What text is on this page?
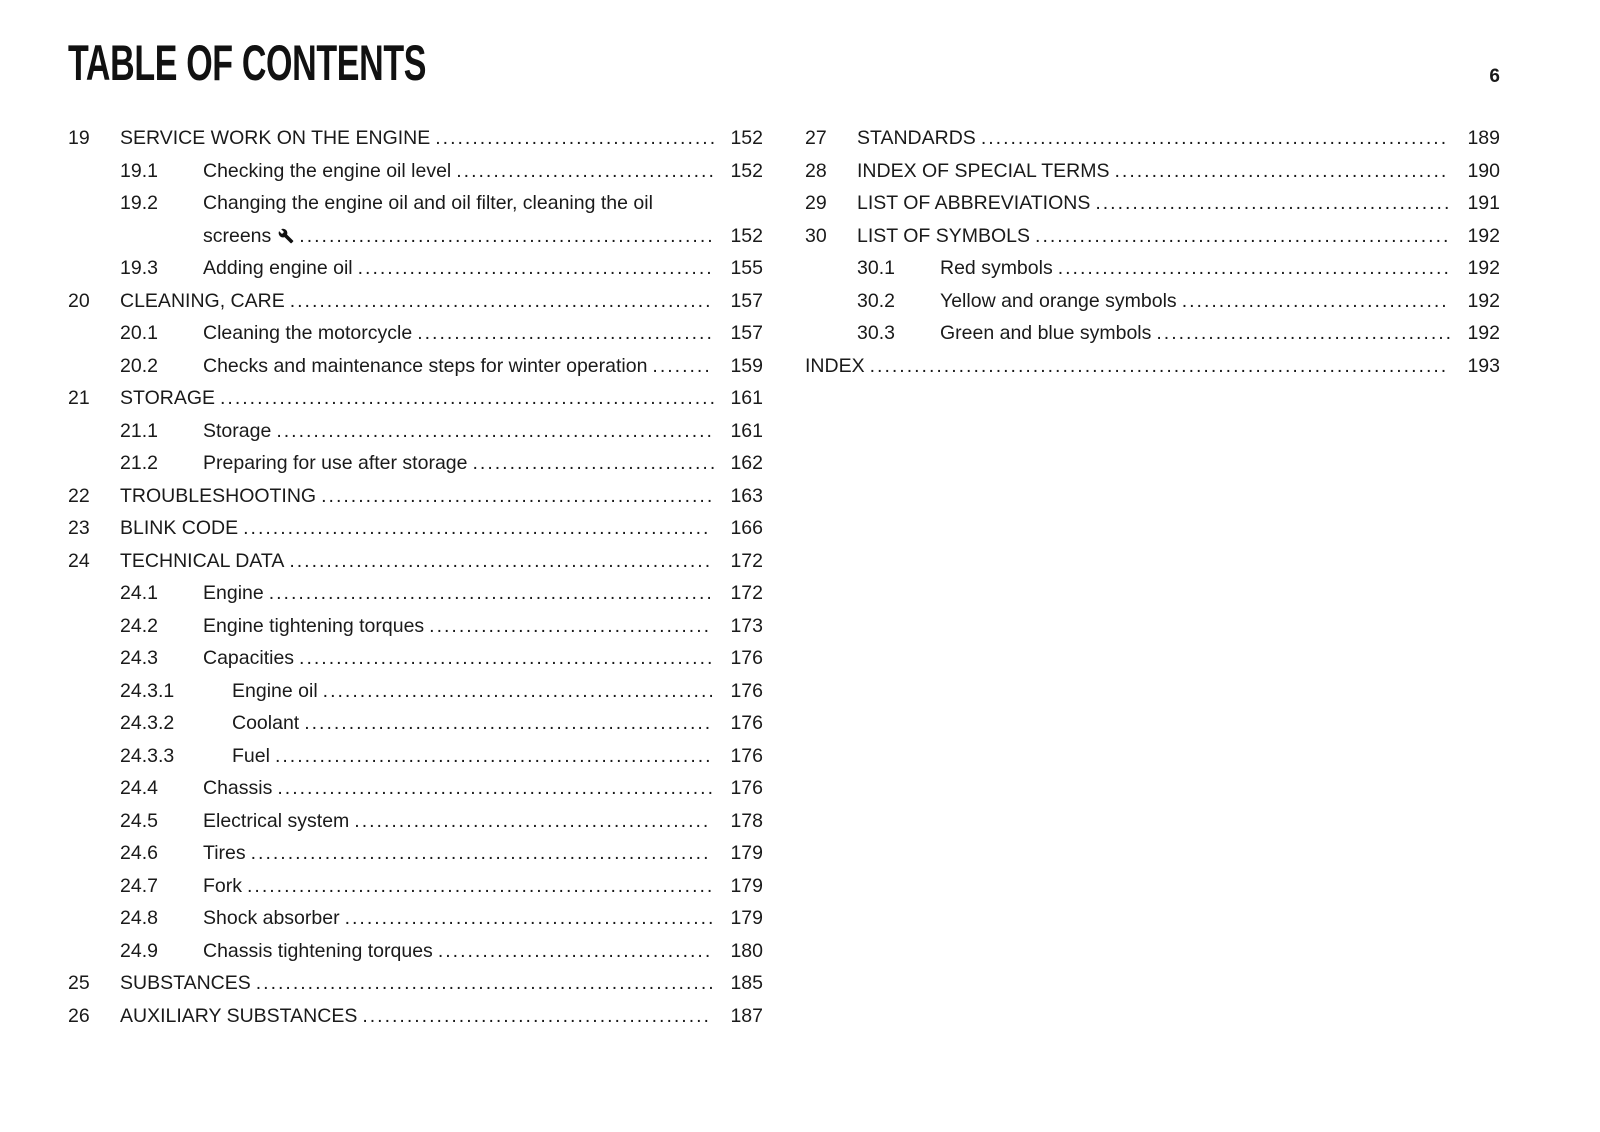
TABLE OF CONTENTS	6
19	SERVICE WORK ON THE ENGINE ...................................... 152
19.1	Checking the engine oil level ................................... 152
19.2	Changing the engine oil and oil filter, cleaning the oil screens ........................................................ 152
19.3	Adding engine oil ................................................ 155
20	CLEANING, CARE ......................................................... 157
20.1	Cleaning the motorcycle ........................................ 157
20.2	Checks and maintenance steps for winter operation ........ 159
21	STORAGE ................................................................... 161
21.1	Storage ........................................................... 161
21.2	Preparing for use after storage ................................. 162
22	TROUBLESHOOTING ..................................................... 163
23	BLINK CODE ...............................................................	166
24	TECHNICAL DATA ......................................................... 172
24.1	Engine ............................................................ 172
24.2	Engine tightening torques ...................................... 173
24.3	Capacities ........................................................ 176
24.3.1	Engine oil ..................................................... 176
24.3.2	Coolant ....................................................... 176
24.3.3	Fuel ........................................................... 176
24.4	Chassis ........................................................... 176
24.5	Electrical system ................................................	178
24.6	Tires ..............................................................	179
24.7	Fork ............................................................... 179
24.8	Shock absorber .................................................. 179
24.9	Chassis tightening torques ..................................... 180
25	SUBSTANCES .............................................................. 185
26	AUXILIARY SUBSTANCES ............................................... 187
27	STANDARDS ............................................................... 189
28	INDEX OF SPECIAL TERMS ............................................. 190
29	LIST OF ABBREVIATIONS ................................................ 191
30	LIST OF SYMBOLS ........................................................ 192
30.1	Red symbols ..................................................... 192
30.2	Yellow and orange symbols .................................... 192
30.3	Green and blue symbols ........................................ 192
INDEX .............................................................................. 193
